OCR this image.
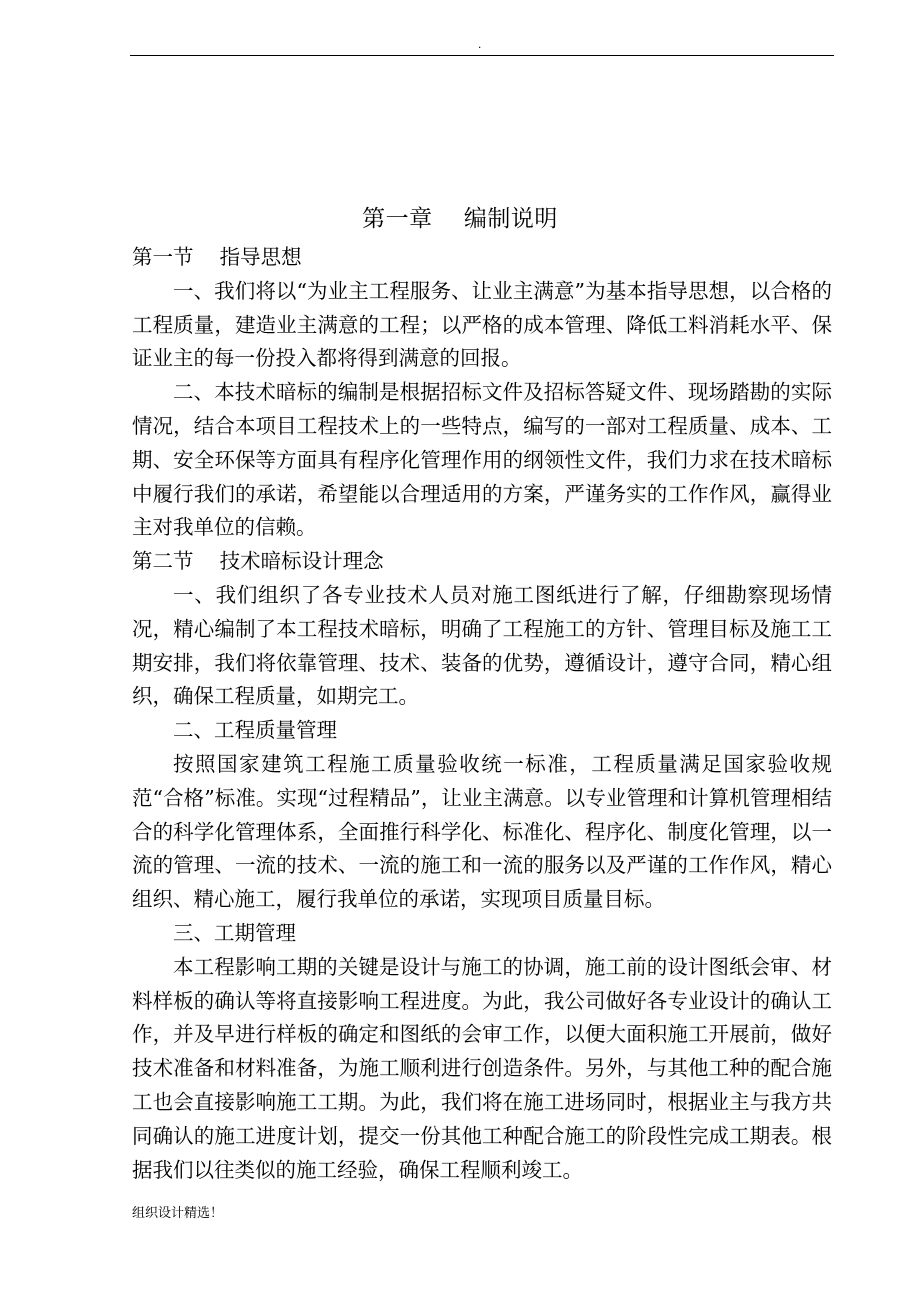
.
第一章    编制说明

第一节    指导思想

一、我们将以“为业主工程服务、让业主满意”为基本指导思想，以合格的工程质量，建造业主满意的工程；以严格的成本管理、降低工料消耗水平、保证业主的每一份投入都将得到满意的回报。

二、本技术暗标的编制是根据招标文件及招标答疑文件、现场踏勘的实际情况，结合本项目工程技术上的一些特点，编写的一部对工程质量、成本、工期、安全环保等方面具有程序化管理作用的纲领性文件，我们力求在技术暗标中履行我们的承诺，希望能以合理适用的方案，严谨务实的工作作风，赢得业主对我单位的信赖。

第二节    技术暗标设计理念

一、我们组织了各专业技术人员对施工图纸进行了解，仔细勘察现场情况，精心编制了本工程技术暗标，明确了工程施工的方针、管理目标及施工工期安排，我们将依靠管理、技术、装备的优势，遵循设计，遵守合同，精心组织，确保工程质量，如期完工。

二、工程质量管理

按照国家建筑工程施工质量验收统一标准，工程质量满足国家验收规范“合格”标准。实现“过程精品”，让业主满意。以专业管理和计算机管理相结合的科学化管理体系，全面推行科学化、标准化、程序化、制度化管理，以一流的管理、一流的技术、一流的施工和一流的服务以及严谨的工作作风，精心组织、精心施工，履行我单位的承诺，实现项目质量目标。

三、工期管理

本工程影响工期的关键是设计与施工的协调，施工前的设计图纸会审、材料样板的确认等将直接影响工程进度。为此，我公司做好各专业设计的确认工作，并及早进行样板的确定和图纸的会审工作，以便大面积施工开展前，做好技术准备和材料准备，为施工顺利进行创造条件。另外，与其他工种的配合施工也会直接影响施工工期。为此，我们将在施工进场同时，根据业主与我方共同确认的施工进度计划，提交一份其他工种配合施工的阶段性完成工期表。根据我们以往类似的施工经验，确保工程顺利竣工。

组织设计精选！
